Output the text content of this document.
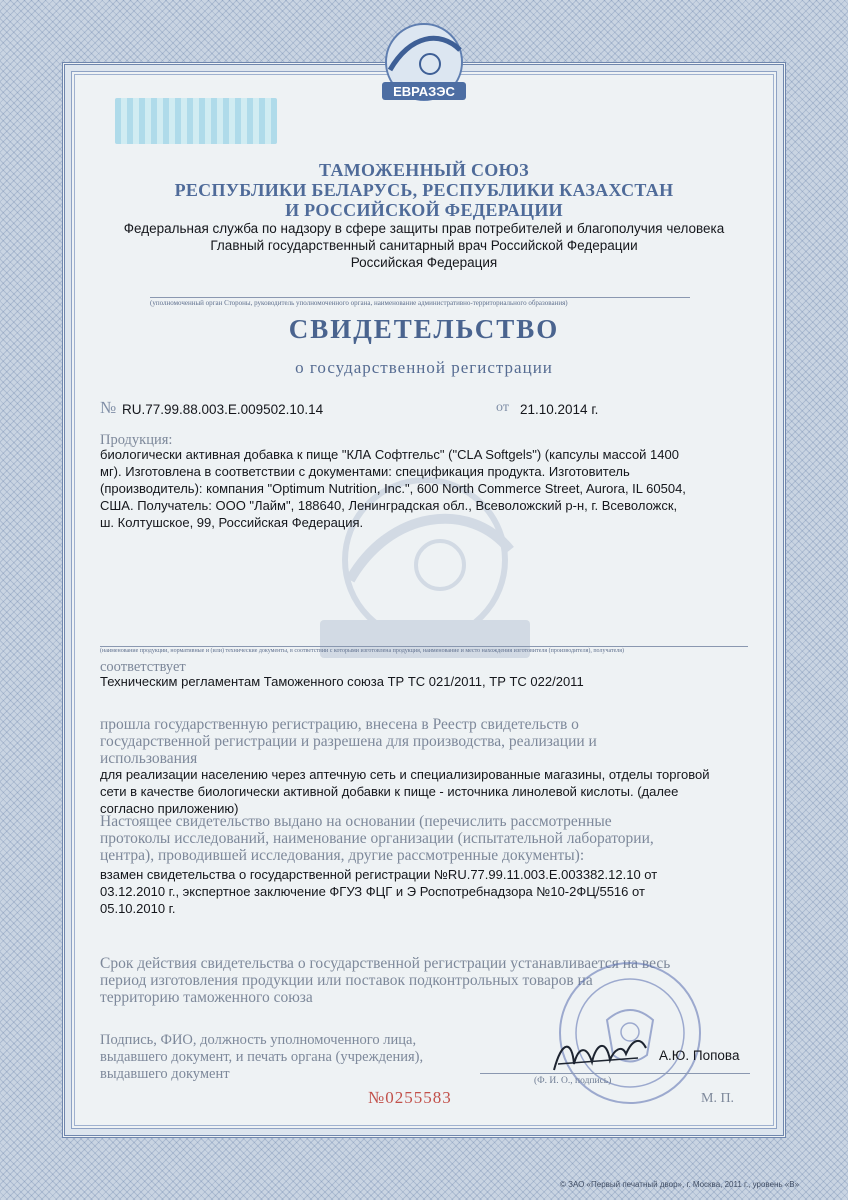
ЕВРАЗЭС
ТАМОЖЕННЫЙ СОЮЗ
РЕСПУБЛИКИ БЕЛАРУСЬ, РЕСПУБЛИКИ КАЗАХСТАН
И РОССИЙСКОЙ ФЕДЕРАЦИИ
Федеральная служба по надзору в сфере защиты прав потребителей и благополучия человека
Главный государственный санитарный врач Российской Федерации
Российская Федерация
(уполномоченный орган Стороны, руководитель уполномоченного органа, наименование административно-территориального образования)
СВИДЕТЕЛЬСТВО
о государственной регистрации
№ RU.77.99.88.003.Е.009502.10.14	от 21.10.2014 г.
Продукция:
биологически активная добавка к пище "КЛА Софтгельс" ("CLA Softgels") (капсулы массой 1400
мг). Изготовлена в соответствии с документами: спецификация продукта. Изготовитель
(производитель): компания "Optimum Nutrition, Inc.", 600 North Commerce Street, Aurora, IL 60504,
США. Получатель: ООО "Лайм", 188640, Ленинградская обл., Всеволожский р-н, г. Всеволожск,
ш. Колтушское, 99, Российская Федерация.
(наименование продукции, нормативные и (или) технические документы, в соответствии с которыми изготовлена продукция, наименование и место нахождения изготовителя (производителя), получателя)
соответствует
Техническим регламентам Таможенного союза ТР ТС 021/2011, ТР ТС 022/2011
прошла государственную регистрацию, внесена в Реестр свидетельств о
государственной регистрации и разрешена для производства, реализации и
использования
для реализации населению через аптечную сеть и специализированные магазины, отделы торговой
сети в качестве биологически активной добавки к пище - источника линолевой кислоты. (далее
согласно приложению)
Настоящее свидетельство выдано на основании (перечислить рассмотренные
протоколы исследований, наименование организации (испытательной лаборатории,
центра), проводившей исследования, другие рассмотренные документы):
взамен свидетельства о государственной регистрации №RU.77.99.11.003.Е.003382.12.10 от
03.12.2010 г., экспертное заключение ФГУЗ ФЦГ и Э Роспотребнадзора №10-2ФЦ/5516 от
05.10.2010 г.
Срок действия свидетельства о государственной регистрации устанавливается на весь
период изготовления продукции или поставок подконтрольных товаров на
территорию таможенного союза
Подпись, ФИО, должность уполномоченного лица,
выдавшего документ, и печать органа (учреждения),
выдавшего документ
А.Ю. Попова
(Ф. И. О., подпись)
№0255583	М. П.
© ЗАО «Первый печатный двор», г. Москва, 2011 г., уровень «В»
